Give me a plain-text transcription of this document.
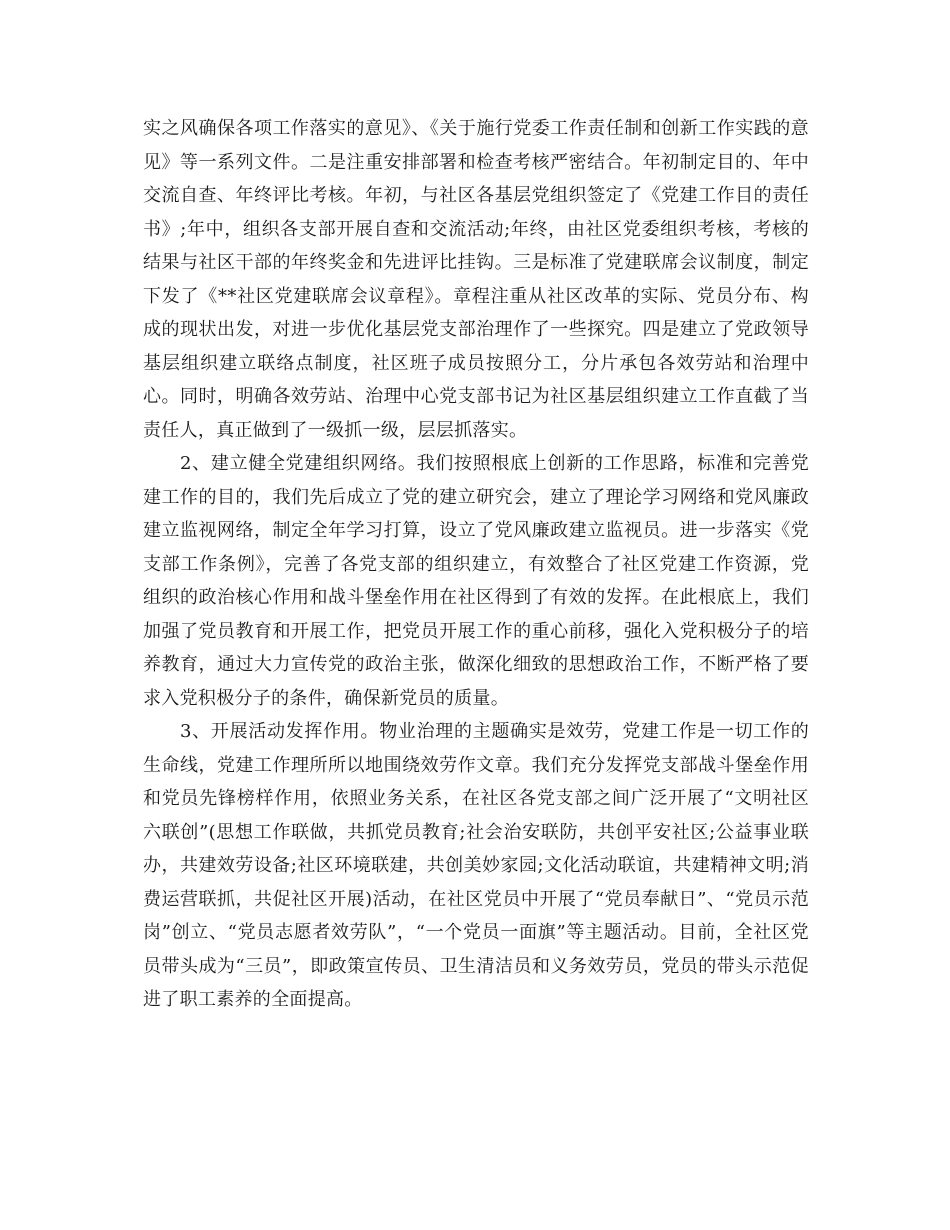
实之风确保各项工作落实的意见》、《关于施行党委工作责任制和创新工作实践的意见》等一系列文件。二是注重安排部署和检查考核严密结合。年初制定目的、年中交流自查、年终评比考核。年初，与社区各基层党组织签定了《党建工作目的责任书》;年中，组织各支部开展自查和交流活动;年终，由社区党委组织考核，考核的结果与社区干部的年终奖金和先进评比挂钩。三是标准了党建联席会议制度，制定下发了《**社区党建联席会议章程》。章程注重从社区改革的实际、党员分布、构成的现状出发，对进一步优化基层党支部治理作了一些探究。四是建立了党政领导基层组织建立联络点制度，社区班子成员按照分工，分片承包各效劳站和治理中心。同时，明确各效劳站、治理中心党支部书记为社区基层组织建立工作直截了当责任人，真正做到了一级抓一级，层层抓落实。

2、建立健全党建组织网络。我们按照根底上创新的工作思路，标准和完善党建工作的目的，我们先后成立了党的建立研究会，建立了理论学习网络和党风廉政建立监视网络，制定全年学习打算，设立了党风廉政建立监视员。进一步落实《党支部工作条例》，完善了各党支部的组织建立，有效整合了社区党建工作资源，党组织的政治核心作用和战斗堡垒作用在社区得到了有效的发挥。在此根底上，我们加强了党员教育和开展工作，把党员开展工作的重心前移，强化入党积极分子的培养教育，通过大力宣传党的政治主张，做深化细致的思想政治工作，不断严格了要求入党积极分子的条件，确保新党员的质量。

3、开展活动发挥作用。物业治理的主题确实是效劳，党建工作是一切工作的生命线，党建工作理所所以地围绕效劳作文章。我们充分发挥党支部战斗堡垒作用和党员先锋榜样作用，依照业务关系，在社区各党支部之间广泛开展了“文明社区六联创”(思想工作联做，共抓党员教育;社会治安联防，共创平安社区;公益事业联办，共建效劳设备;社区环境联建，共创美妙家园;文化活动联谊，共建精神文明;消费运营联抓，共促社区开展)活动，在社区党员中开展了“党员奉献日”、“党员示范岗”创立、“党员志愿者效劳队”，“一个党员一面旗”等主题活动。目前，全社区党员带头成为“三员”，即政策宣传员、卫生清洁员和义务效劳员，党员的带头示范促进了职工素养的全面提高。
